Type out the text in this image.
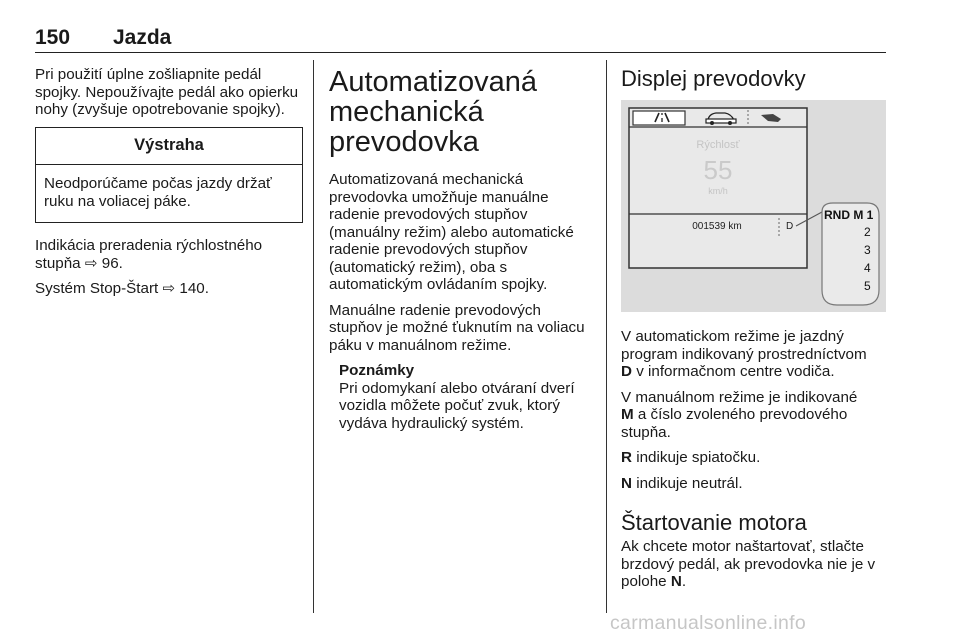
150 Jazda

Pri použití úplne zošliapnite pedál spojky. Nepoužívajte pedál ako opierku nohy (zvyšuje opotrebovanie spojky).

Výstraha
Neodporúčame počas jazdy držať ruku na voliacej páke.

Indikácia preradenia rýchlostného stupňa ⇨ 96.

Systém Stop-Štart ⇨ 140.

Automatizovaná mechanická prevodovka

Automatizovaná mechanická prevodovka umožňuje manuálne radenie prevodových stupňov (manuálny režim) alebo automatické radenie prevodových stupňov (automatický režim), oba s automatickým ovládaním spojky.

Manuálne radenie prevodových stupňov je možné ťuknutím na voliacu páku v manuálnom režime.

Poznámky
Pri odomykaní alebo otváraní dverí vozidla môžete počuť zvuk, ktorý vydáva hydraulický systém.
Displej prevodovky
Rýchlosť
55
km/h
001539 km	D
RND M 1
2
3
4
5

V automatickom režime je jazdný program indikovaný prostredníctvom
D v informačnom centre vodiča.

V manuálnom režime je indikované
M a číslo zvoleného prevodového stupňa.

R indikuje spiatočku.

N indikuje neutrál.

Štartovanie motora

Ak chcete motor naštartovať, stlačte brzdový pedál, ak prevodovka nie je v polohe N.

carmanualsonline.info
